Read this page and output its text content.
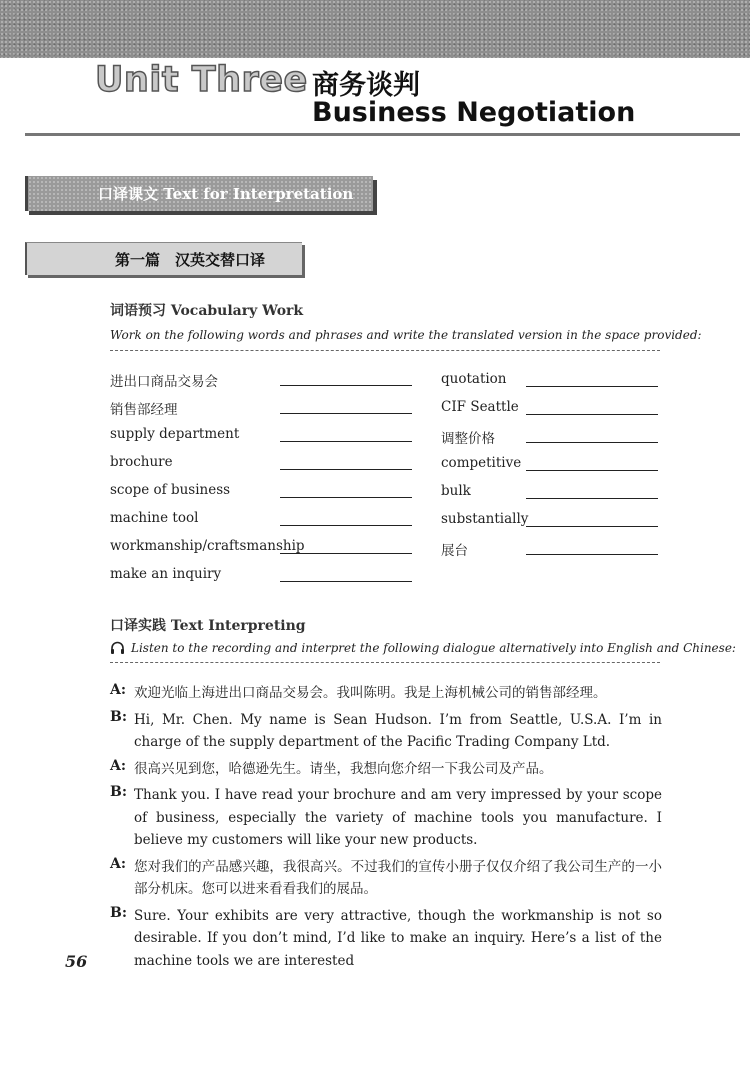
Unit Three 商务谈判
Business Negotiation
口译课文 Text for Interpretation
第一篇　汉英交替口译
词语预习 Vocabulary Work
Work on the following words and phrases and write the translated version in the space provided:
进出口商品交易会
销售部经理
supply department
brochure
scope of business
machine tool
workmanship/craftsmanship
make an inquiry
quotation
CIF Seattle
调整价格
competitive
bulk
substantially
展台
口译实践 Text Interpreting
Listen to the recording and interpret the following dialogue alternatively into English and Chinese:
A: 欢迎光临上海进出口商品交易会。我叫陈明。我是上海机械公司的销售部经理。
B: Hi, Mr. Chen. My name is Sean Hudson. I’m from Seattle, U.S.A. I’m in charge of the supply department of the Pacific Trading Company Ltd.
A: 很高兴见到您，哈德逊先生。请坐，我想向您介绍一下我公司及产品。
B: Thank you. I have read your brochure and am very impressed by your scope of business, especially the variety of machine tools you manufacture. I believe my customers will like your new products.
A: 您对我们的产品感兴趣，我很高兴。不过我们的宣传小册子仅仅介绍了我公司生产的一小部分机床。您可以进来看看我们的展品。
B: Sure. Your exhibits are very attractive, though the workmanship is not so desirable. If you don’t mind, I’d like to make an inquiry. Here’s a list of the machine tools we are interested
56
